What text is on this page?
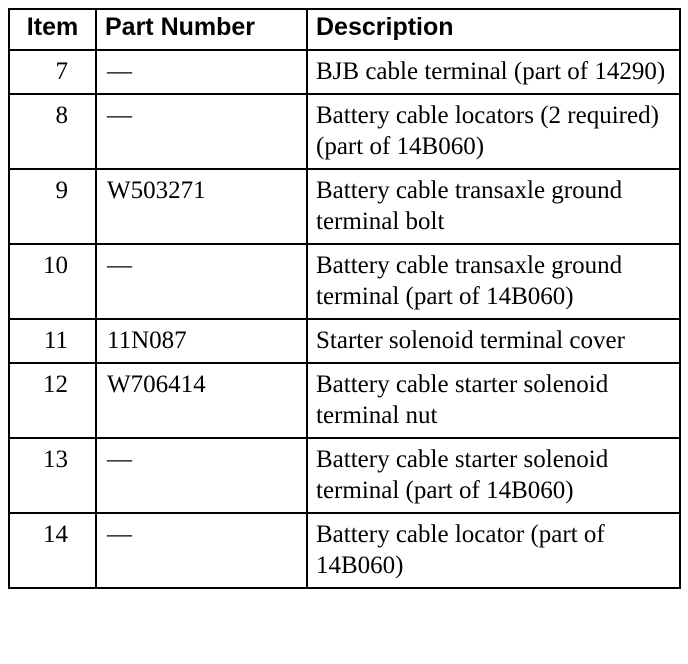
Item	Part Number	Description
7	—	BJB cable terminal (part of 14290)
8	—	Battery cable locators (2 required) (part of 14B060)
9	W503271	Battery cable transaxle ground terminal bolt
10	—	Battery cable transaxle ground terminal (part of 14B060)
11	11N087	Starter solenoid terminal cover
12	W706414	Battery cable starter solenoid terminal nut
13	—	Battery cable starter solenoid terminal (part of 14B060)
14	—	Battery cable locator (part of 14B060)
